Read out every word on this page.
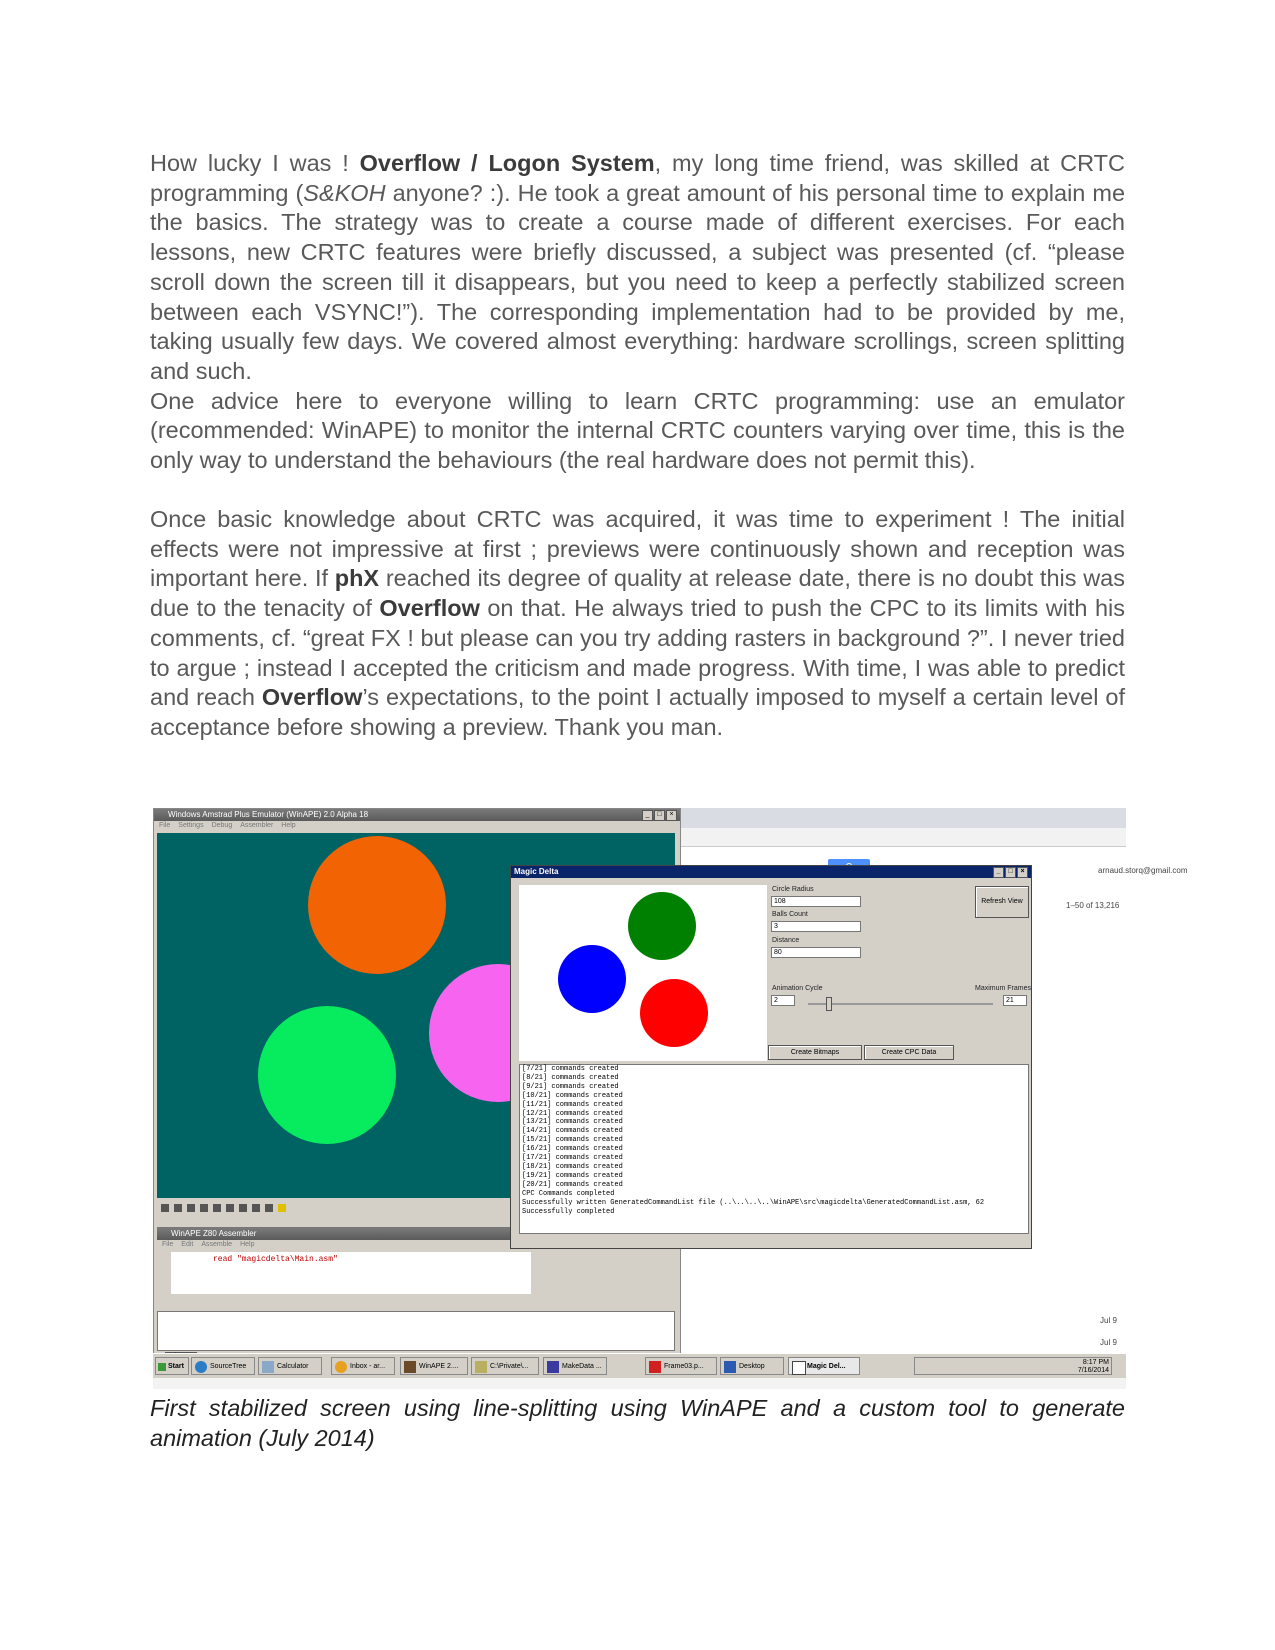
How lucky I was ! Overflow / Logon System, my long time friend, was skilled at CRTC programming (S&KOH anyone? :). He took a great amount of his personal time to explain me the basics. The strategy was to create a course made of different exercises. For each lessons, new CRTC features were briefly discussed, a subject was presented (cf. “please scroll down the screen till it disappears, but you need to keep a perfectly stabilized screen between each VSYNC!”). The corresponding implementation had to be provided by me, taking usually few days. We covered almost everything: hardware scrollings, screen splitting and such.

One advice here to everyone willing to learn CRTC programming: use an emulator (recommended: WinAPE) to monitor the internal CRTC counters varying over time, this is the only way to understand the behaviours (the real hardware does not permit this).

Once basic knowledge about CRTC was acquired, it was time to experiment ! The initial effects were not impressive at first ; previews were continuously shown and reception was important here. If phX reached its degree of quality at release date, there is no doubt this was due to the tenacity of Overflow on that. He always tried to push the CPC to its limits with his comments, cf. “great FX ! but please can you try adding rasters in background ?”. I never tried to argue ; instead I accepted the criticism and made progress. With time, I was able to predict and reach Overflow’s expectations, to the point I actually imposed to myself a certain level of acceptance before showing a preview. Thank you man.

arnaud.storq@gmail.com
1–50 of 13,216
Jul 9
Jul 9
Windows Amstrad Plus Emulator (WinAPE) 2.0 Alpha 18	_ □ ×
File Settings Debug Assembler Help
WinAPE Z80 Assembler
File Edit Assemble Help
read "magicdelta\Main.asm"
Magic Delta	_ □ ×
Circle Radius
108
Balls Count
3
Distance
80
Refresh View
Animation Cycle
2
Maximum Frames
21
Create Bitmaps	Create CPC Data
[7/21] commands created
[8/21] commands created
[9/21] commands created
[10/21] commands created
[11/21] commands created
[12/21] commands created
[13/21] commands created
[14/21] commands created
[15/21] commands created
[16/21] commands created
[17/21] commands created
[18/21] commands created
[19/21] commands created
[20/21] commands created
CPC Commands completed
Successfully written GeneratedCommandList file (..\..\..\..\WinAPE\src\magicdelta\GeneratedCommandList.asm, 62
Successfully completed
Start	SourceTree	Calculator	Inbox - ar...	WinAPE 2....	C:\Private\...	MakeData ...	Frame03.p...	Desktop	Magic Del...
8:17 PM
7/16/2014
First stabilized screen using line-splitting using WinAPE and a custom tool to generate animation (July 2014)
